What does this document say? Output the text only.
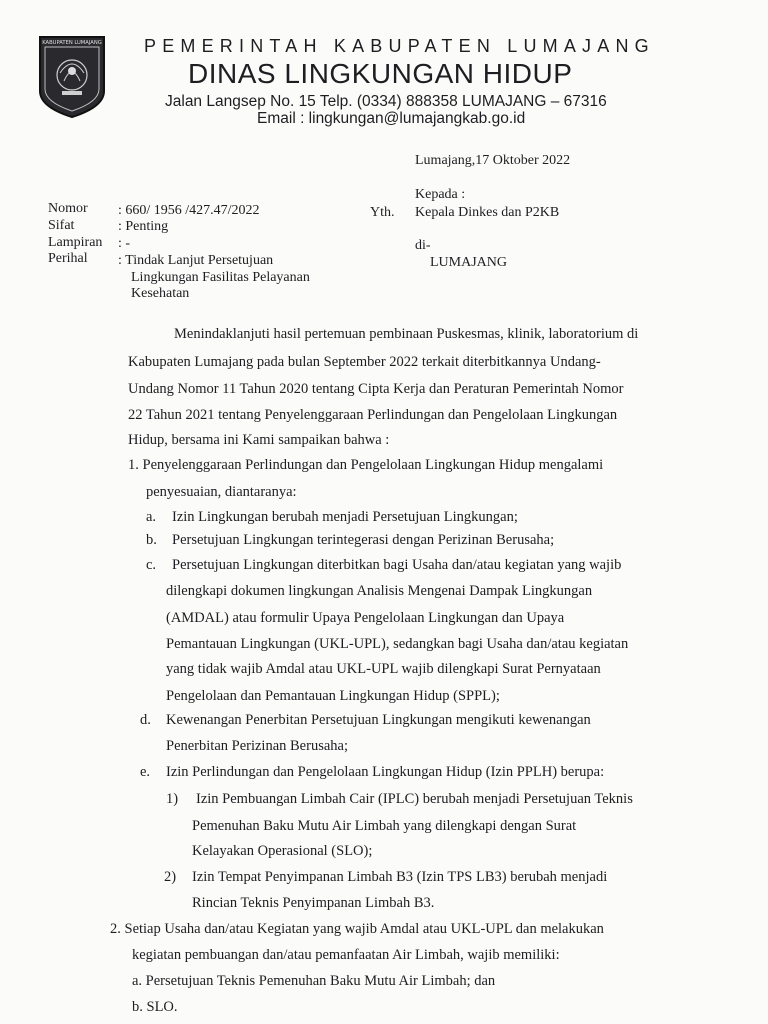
KABUPATEN LUMAJANG PEMERINTAH KABUPATEN LUMAJANG
DINAS LINGKUNGAN HIDUP
Jalan Langsep No. 15 Telp. (0334) 888358 LUMAJANG – 67316
Email : lingkungan@lumajangkab.go.id
Lumajang,17 Oktober 2022
Kepada :
Yth. Kepala Dinkes dan P2KB
di-
LUMAJANG
Nomor : 660/ 1956 /427.47/2022
Sifat	: Penting
Lampiran : -
Perihal : Tindak Lanjut Persetujuan
Lingkungan Fasilitas Pelayanan
Kesehatan
Menindaklanjuti hasil pertemuan pembinaan Puskesmas, klinik, laboratorium di
Kabupaten Lumajang pada bulan September 2022 terkait diterbitkannya Undang-
Undang Nomor 11 Tahun 2020 tentang Cipta Kerja dan Peraturan Pemerintah Nomor
22 Tahun 2021 tentang Penyelenggaraan Perlindungan dan Pengelolaan Lingkungan
Hidup, bersama ini Kami sampaikan bahwa :
1. Penyelenggaraan Perlindungan dan Pengelolaan Lingkungan Hidup mengalami
penyesuaian, diantaranya:
a. Izin Lingkungan berubah menjadi Persetujuan Lingkungan;
b. Persetujuan Lingkungan terintegerasi dengan Perizinan Berusaha;
c. Persetujuan Lingkungan diterbitkan bagi Usaha dan/atau kegiatan yang wajib
dilengkapi dokumen lingkungan Analisis Mengenai Dampak Lingkungan
(AMDAL) atau formulir Upaya Pengelolaan Lingkungan dan Upaya
Pemantauan Lingkungan (UKL-UPL), sedangkan bagi Usaha dan/atau kegiatan
yang tidak wajib Amdal atau UKL-UPL wajib dilengkapi Surat Pernyataan
Pengelolaan dan Pemantauan Lingkungan Hidup (SPPL);
d. Kewenangan Penerbitan Persetujuan Lingkungan mengikuti kewenangan
Penerbitan Perizinan Berusaha;
e. Izin Perlindungan dan Pengelolaan Lingkungan Hidup (Izin PPLH) berupa:
1) Izin Pembuangan Limbah Cair (IPLC) berubah menjadi Persetujuan Teknis
Pemenuhan Baku Mutu Air Limbah yang dilengkapi dengan Surat
Kelayakan Operasional (SLO);
2) Izin Tempat Penyimpanan Limbah B3 (Izin TPS LB3) berubah menjadi
Rincian Teknis Penyimpanan Limbah B3.
2. Setiap Usaha dan/atau Kegiatan yang wajib Amdal atau UKL-UPL dan melakukan
kegiatan pembuangan dan/atau pemanfaatan Air Limbah, wajib memiliki:
a. Persetujuan Teknis Pemenuhan Baku Mutu Air Limbah; dan
b. SLO.
